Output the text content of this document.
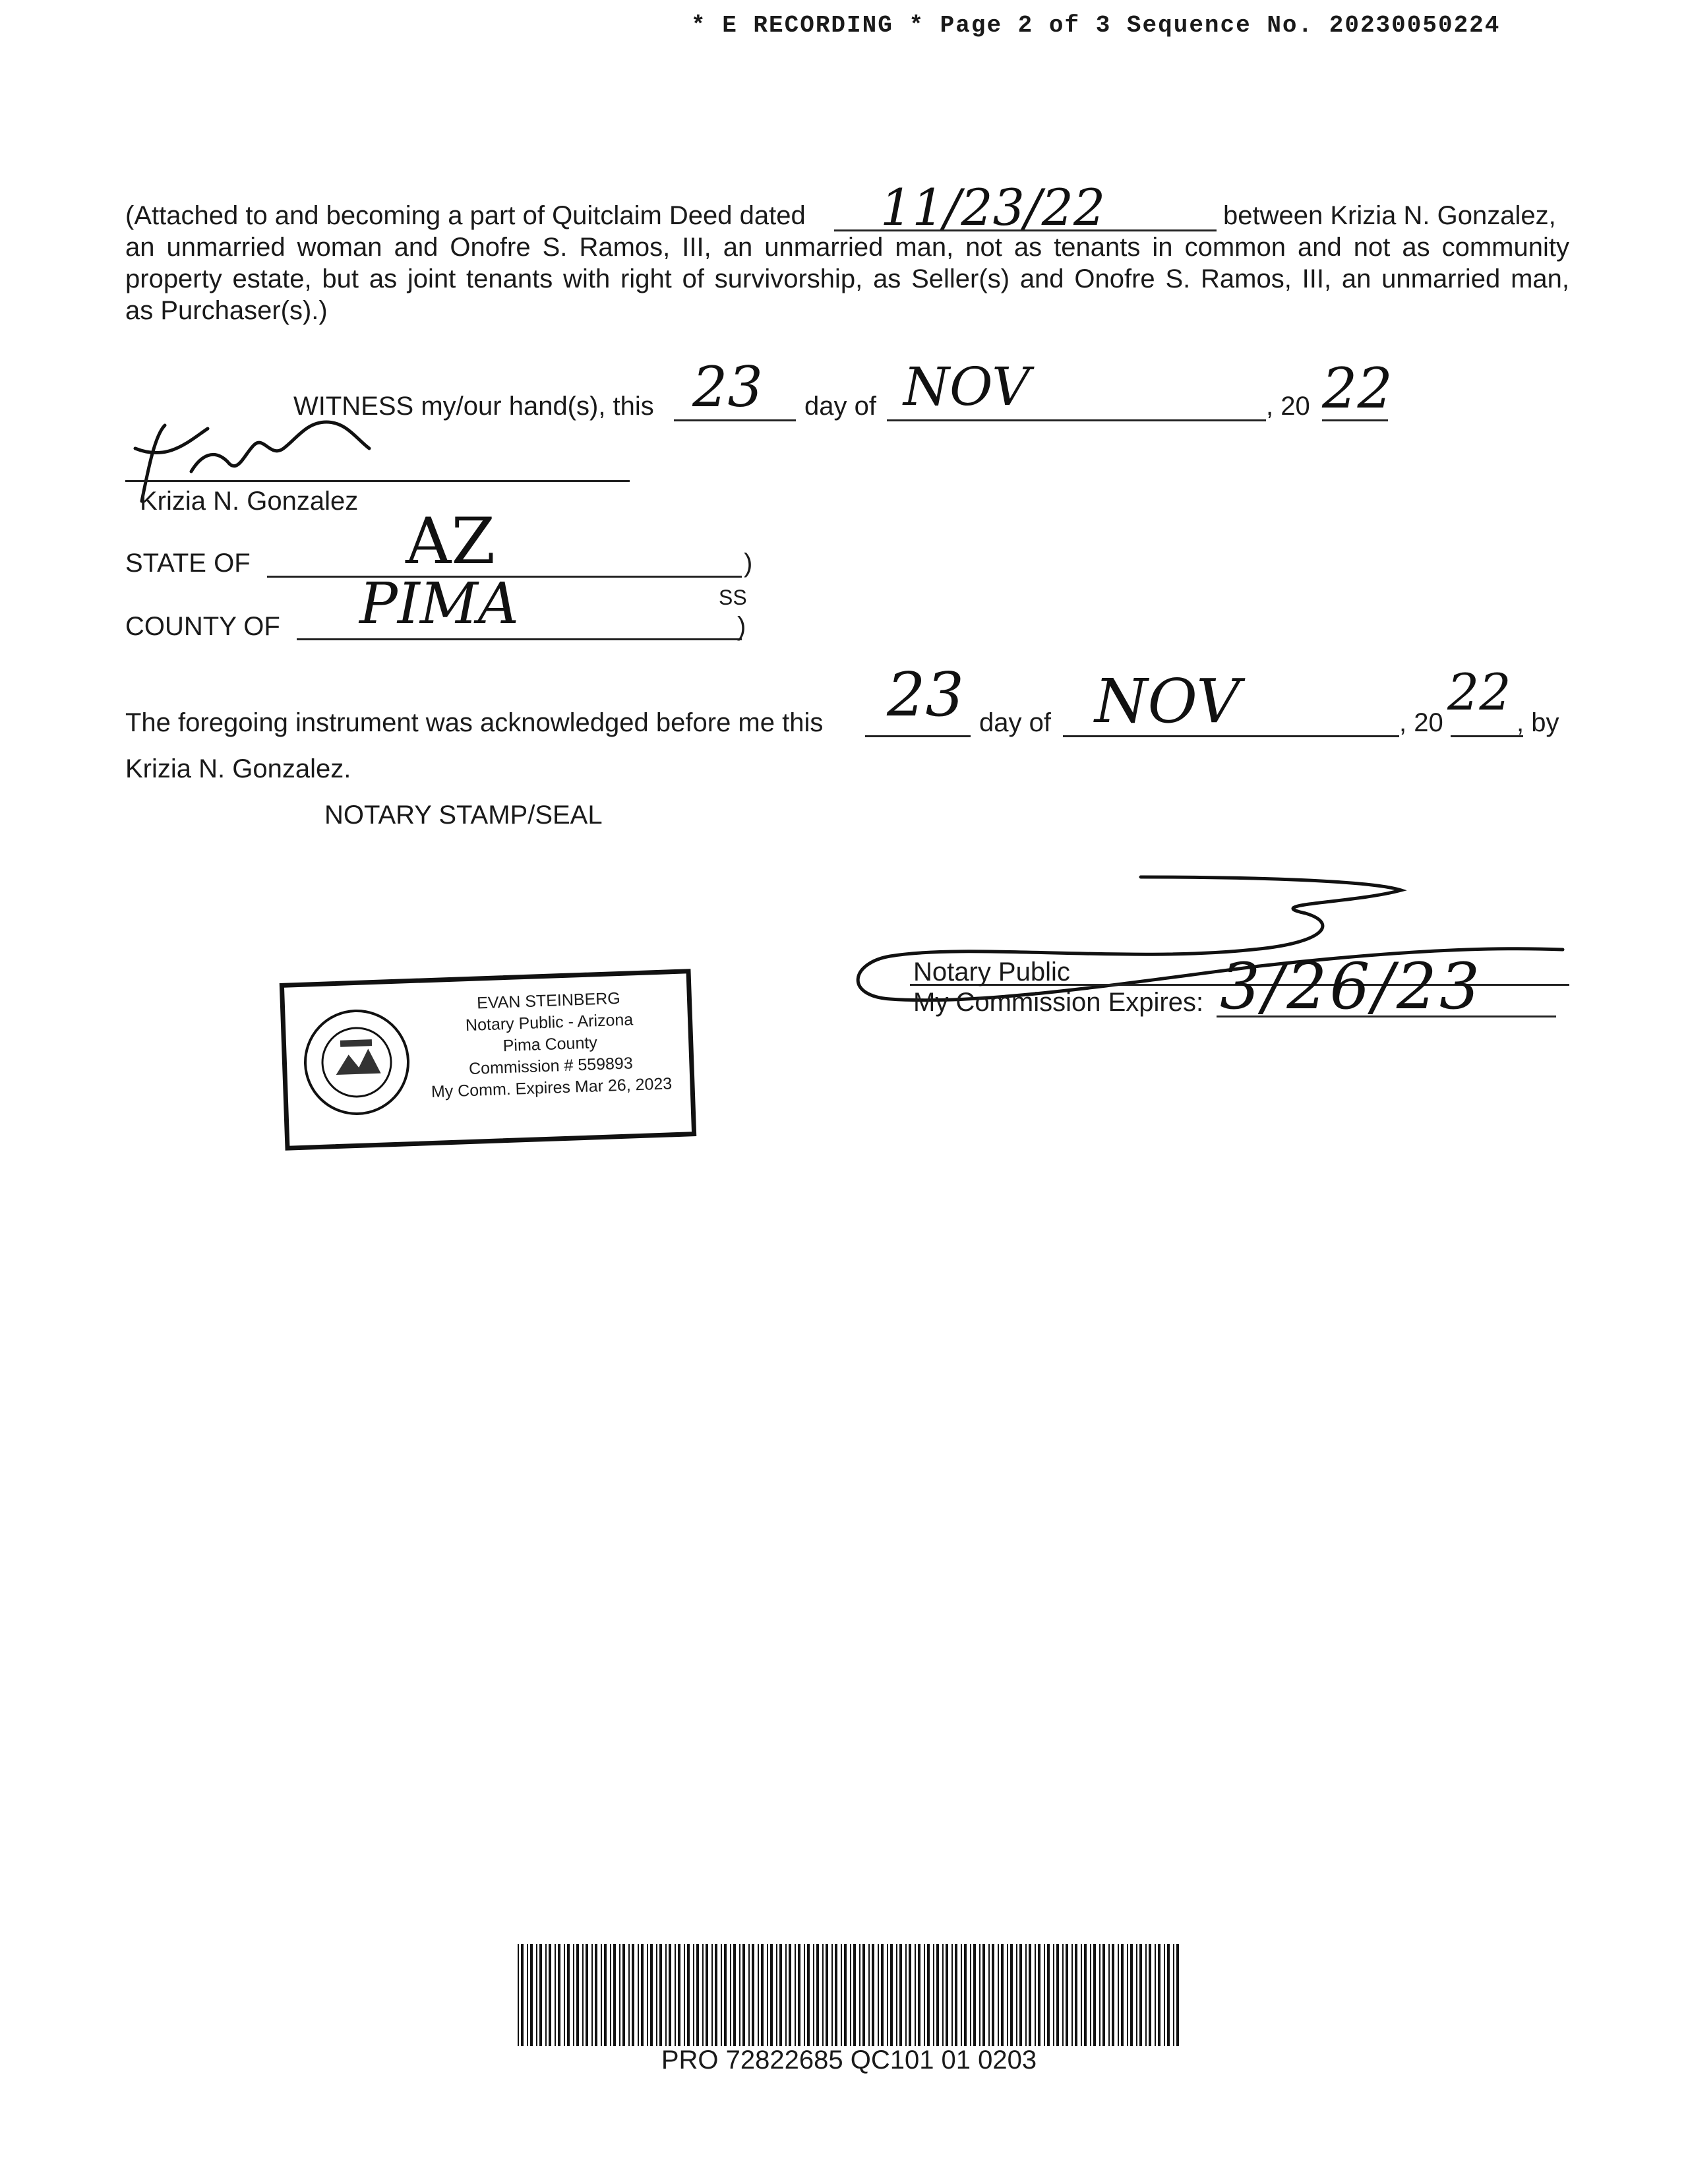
* E RECORDING * Page 2 of 3 Sequence No. 20230050224
(Attached to and becoming a part of Quitclaim Deed dated 11/23/22	between Krizia N. Gonzalez,
an unmarried woman and Onofre S. Ramos, III, an unmarried man, not as tenants in common and not as community
property estate, but as joint tenants with right of survivorship, as Seller(s) and Onofre S. Ramos, III, an unmarried man,
as Purchaser(s).)
WITNESS my/our hand(s), this 23 day of NOV	, 20 22
Krizia N. Gonzalez
STATE OF AZ	)
SS
COUNTY OF PIMA	)
The foregoing instrument was acknowledged before me this 23 day of NOV	, 20
22
, by
Krizia N. Gonzalez.
NOTARY STAMP/SEAL
Notary Public
My Commission Expires: 3/26/23
EVAN STEINBERG
Notary Public - Arizona
Pima County
Commission # 559893
My Comm. Expires Mar 26, 2023
PRO 72822685 QC101 01 0203
